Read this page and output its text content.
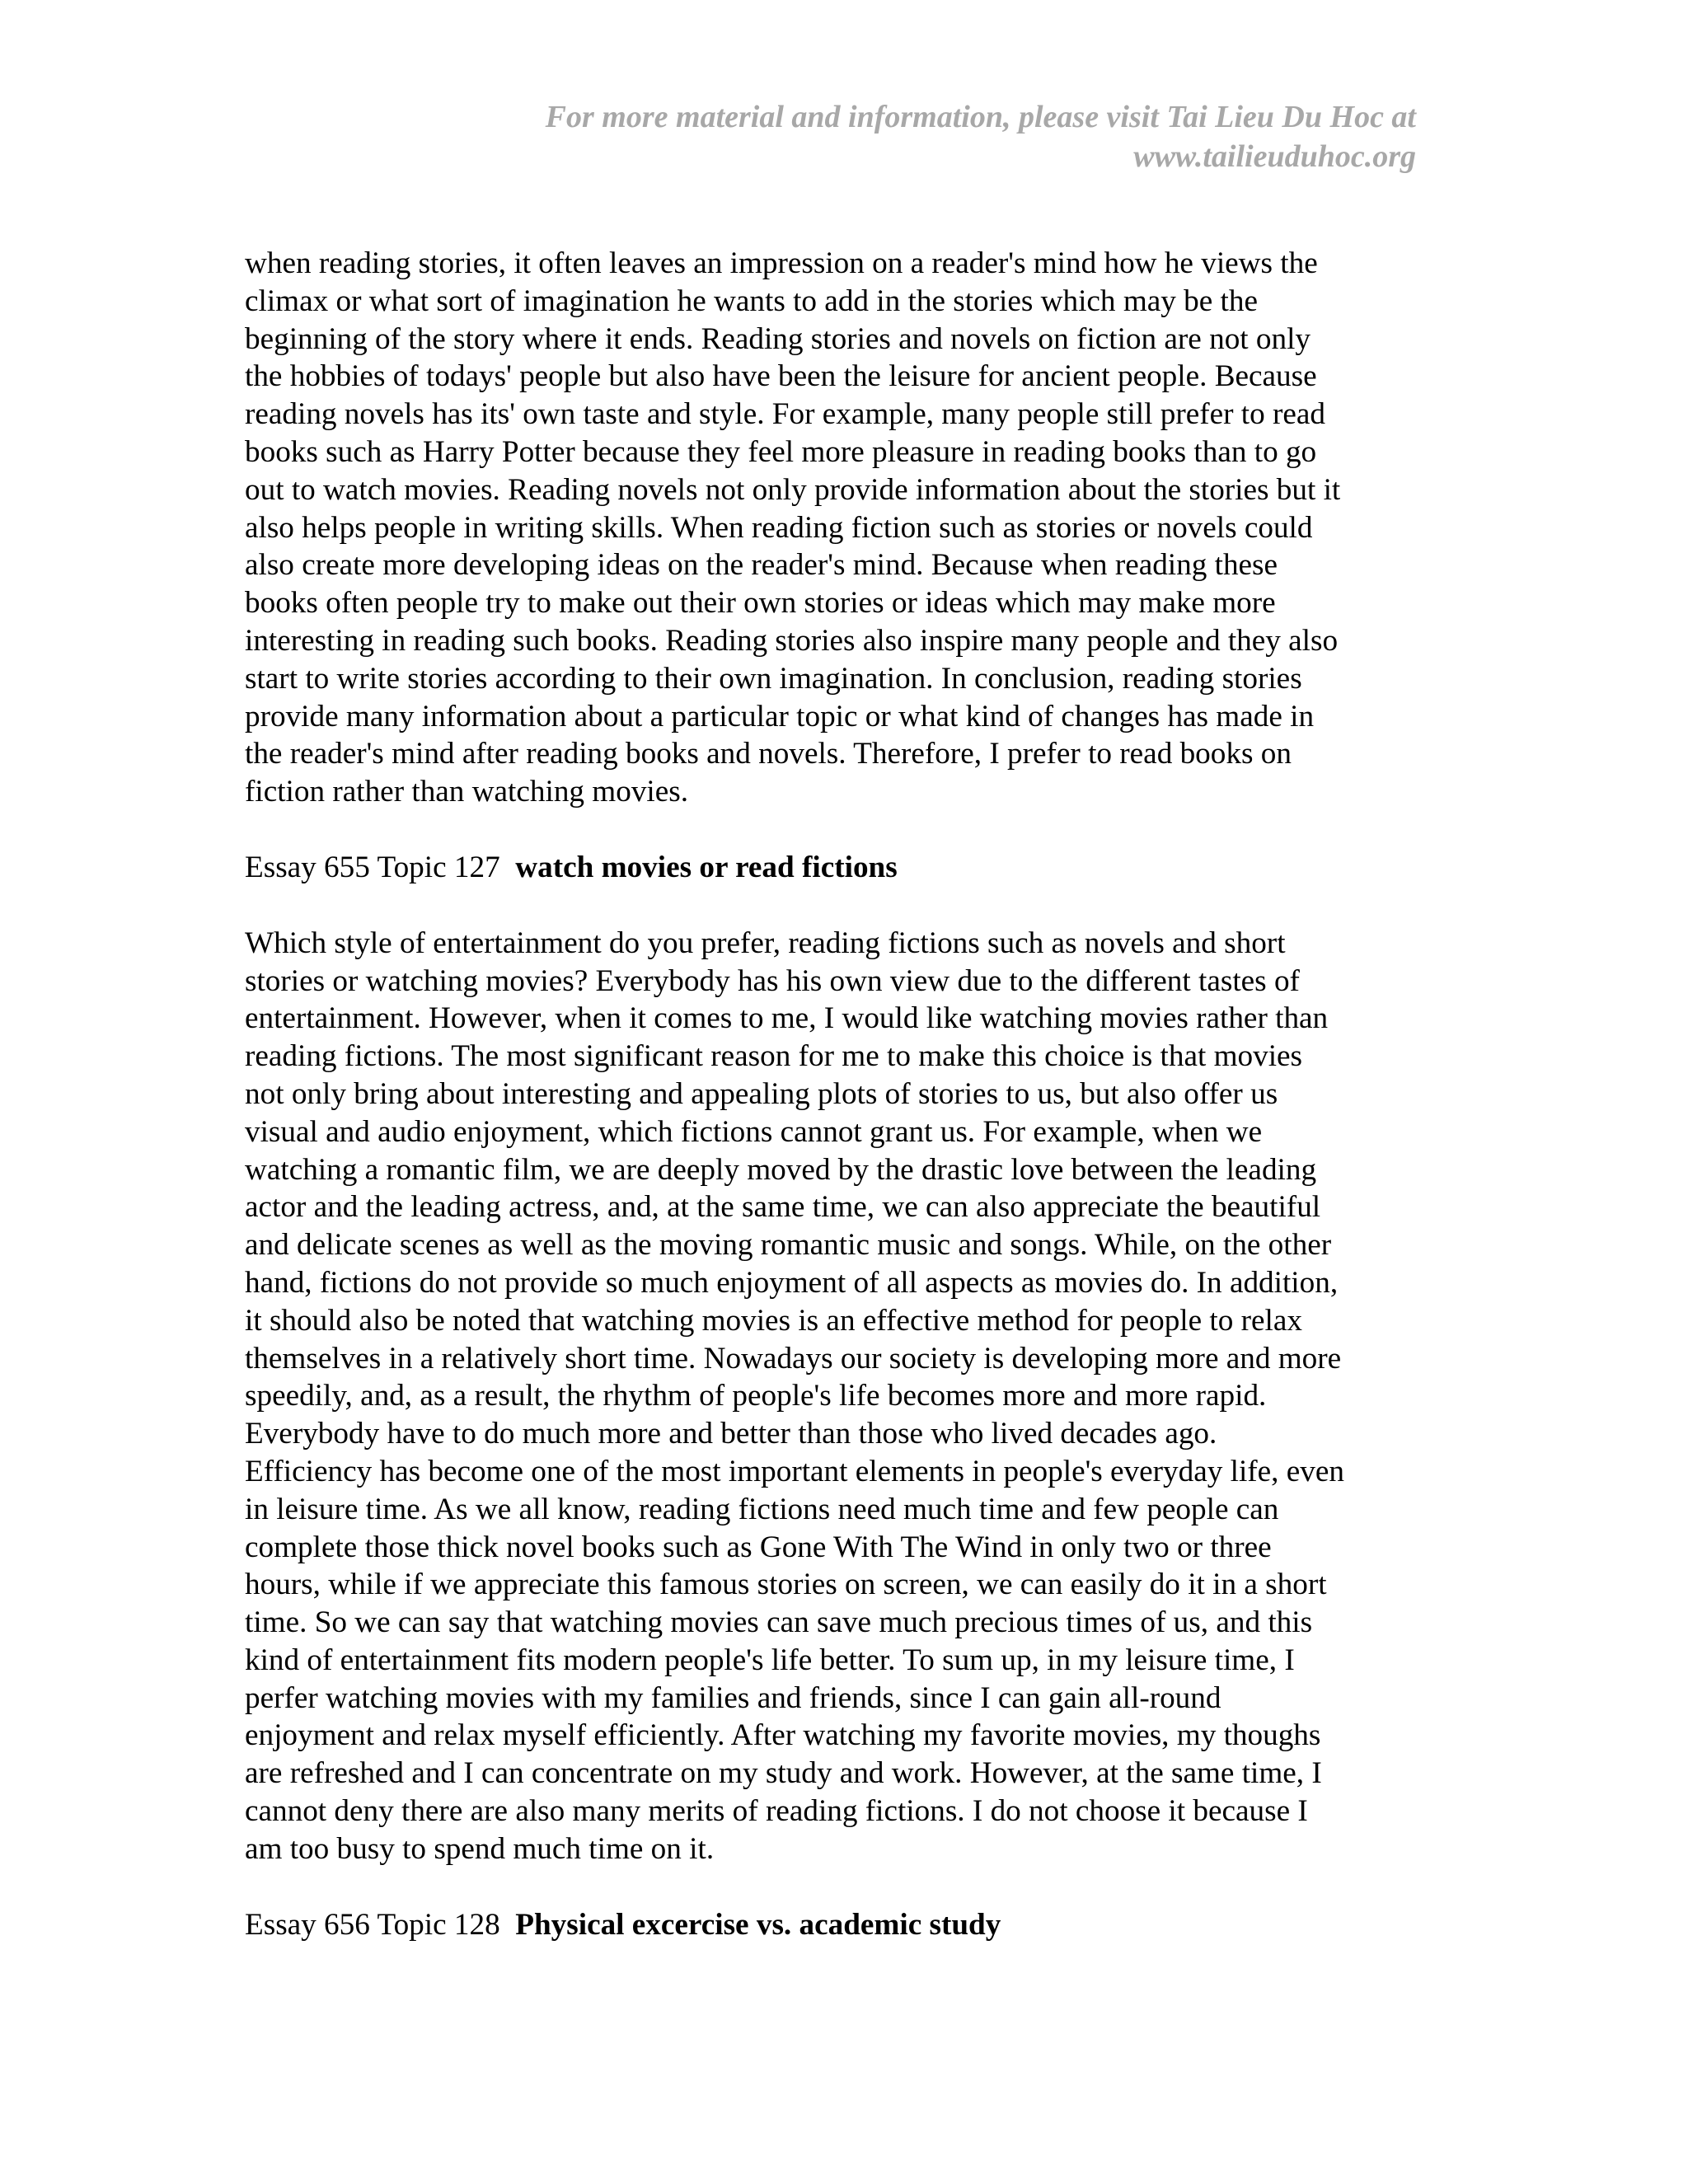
For more material and information, please visit Tai Lieu Du Hoc at
www.tailieuduhoc.org

when reading stories, it often leaves an impression on a reader's mind how he views the
climax or what sort of imagination he wants to add in the stories which may be the
beginning of the story where it ends. Reading stories and novels on fiction are not only
the hobbies of todays' people but also have been the leisure for ancient people. Because
reading novels has its' own taste and style. For example, many people still prefer to read
books such as Harry Potter because they feel more pleasure in reading books than to go
out to watch movies. Reading novels not only provide information about the stories but it
also helps people in writing skills. When reading fiction such as stories or novels could
also create more developing ideas on the reader's mind. Because when reading these
books often people try to make out their own stories or ideas which may make more
interesting in reading such books. Reading stories also inspire many people and they also
start to write stories according to their own imagination. In conclusion, reading stories
provide many information about a particular topic or what kind of changes has made in
the reader's mind after reading books and novels. Therefore, I prefer to read books on
fiction rather than watching movies.

Essay 655 Topic 127 watch movies or read fictions

Which style of entertainment do you prefer, reading fictions such as novels and short
stories or watching movies? Everybody has his own view due to the different tastes of
entertainment. However, when it comes to me, I would like watching movies rather than
reading fictions. The most significant reason for me to make this choice is that movies
not only bring about interesting and appealing plots of stories to us, but also offer us
visual and audio enjoyment, which fictions cannot grant us. For example, when we
watching a romantic film, we are deeply moved by the drastic love between the leading
actor and the leading actress, and, at the same time, we can also appreciate the beautiful
and delicate scenes as well as the moving romantic music and songs. While, on the other
hand, fictions do not provide so much enjoyment of all aspects as movies do. In addition,
it should also be noted that watching movies is an effective method for people to relax
themselves in a relatively short time. Nowadays our society is developing more and more
speedily, and, as a result, the rhythm of people's life becomes more and more rapid.
Everybody have to do much more and better than those who lived decades ago.
Efficiency has become one of the most important elements in people's everyday life, even
in leisure time. As we all know, reading fictions need much time and few people can
complete those thick novel books such as Gone With The Wind in only two or three
hours, while if we appreciate this famous stories on screen, we can easily do it in a short
time. So we can say that watching movies can save much precious times of us, and this
kind of entertainment fits modern people's life better. To sum up, in my leisure time, I
perfer watching movies with my families and friends, since I can gain all-round
enjoyment and relax myself efficiently. After watching my favorite movies, my thoughs
are refreshed and I can concentrate on my study and work. However, at the same time, I
cannot deny there are also many merits of reading fictions. I do not choose it because I
am too busy to spend much time on it.

Essay 656 Topic 128 Physical excercise vs. academic study
